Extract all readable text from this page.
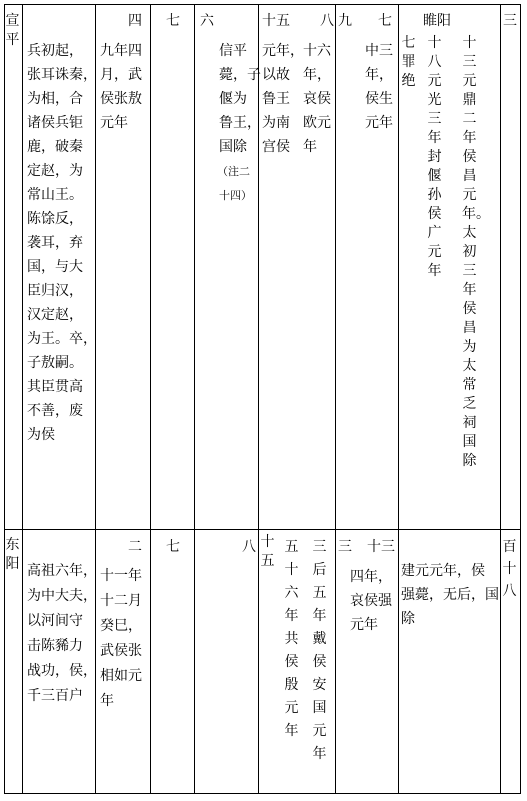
宣平
兵初起，
张耳诛秦，
为相，合
诸侯兵钜
鹿，破秦
定赵，为
常山王。
陈馀反，
袭耳，弃
国，与大
臣归汉，
汉定赵，
为王。卒，
子敖嗣。
其臣贯高
不善，废
为侯
四
九年四
月，武
侯张敖
元年
七 六
信平
薨，子
偃为
鲁王，
国除
（注二
十四）
十五 八
元年，
以故
鲁王
为南
宫侯
十六
年，
哀侯
欧元
年
九 七
中三
年，
侯生
元年
睢阳
七罪绝
十八元光三年封偃孙侯广元年
十三元鼎二年侯昌元年。太初三年侯昌为太常乏祠国除
三
东阳 高祖六年，
为中大夫，
以河间守
击陈豨力
战功，侯，
千三百户
二
十一年
十二月
癸巳，
武侯张
相如元
年
七	八 十五
五十六年共侯殷元年
三后五年戴侯安国元年
三 十三
四年，
哀侯强
元年
建元元年，侯
强薨，无后，国
除
百十八
